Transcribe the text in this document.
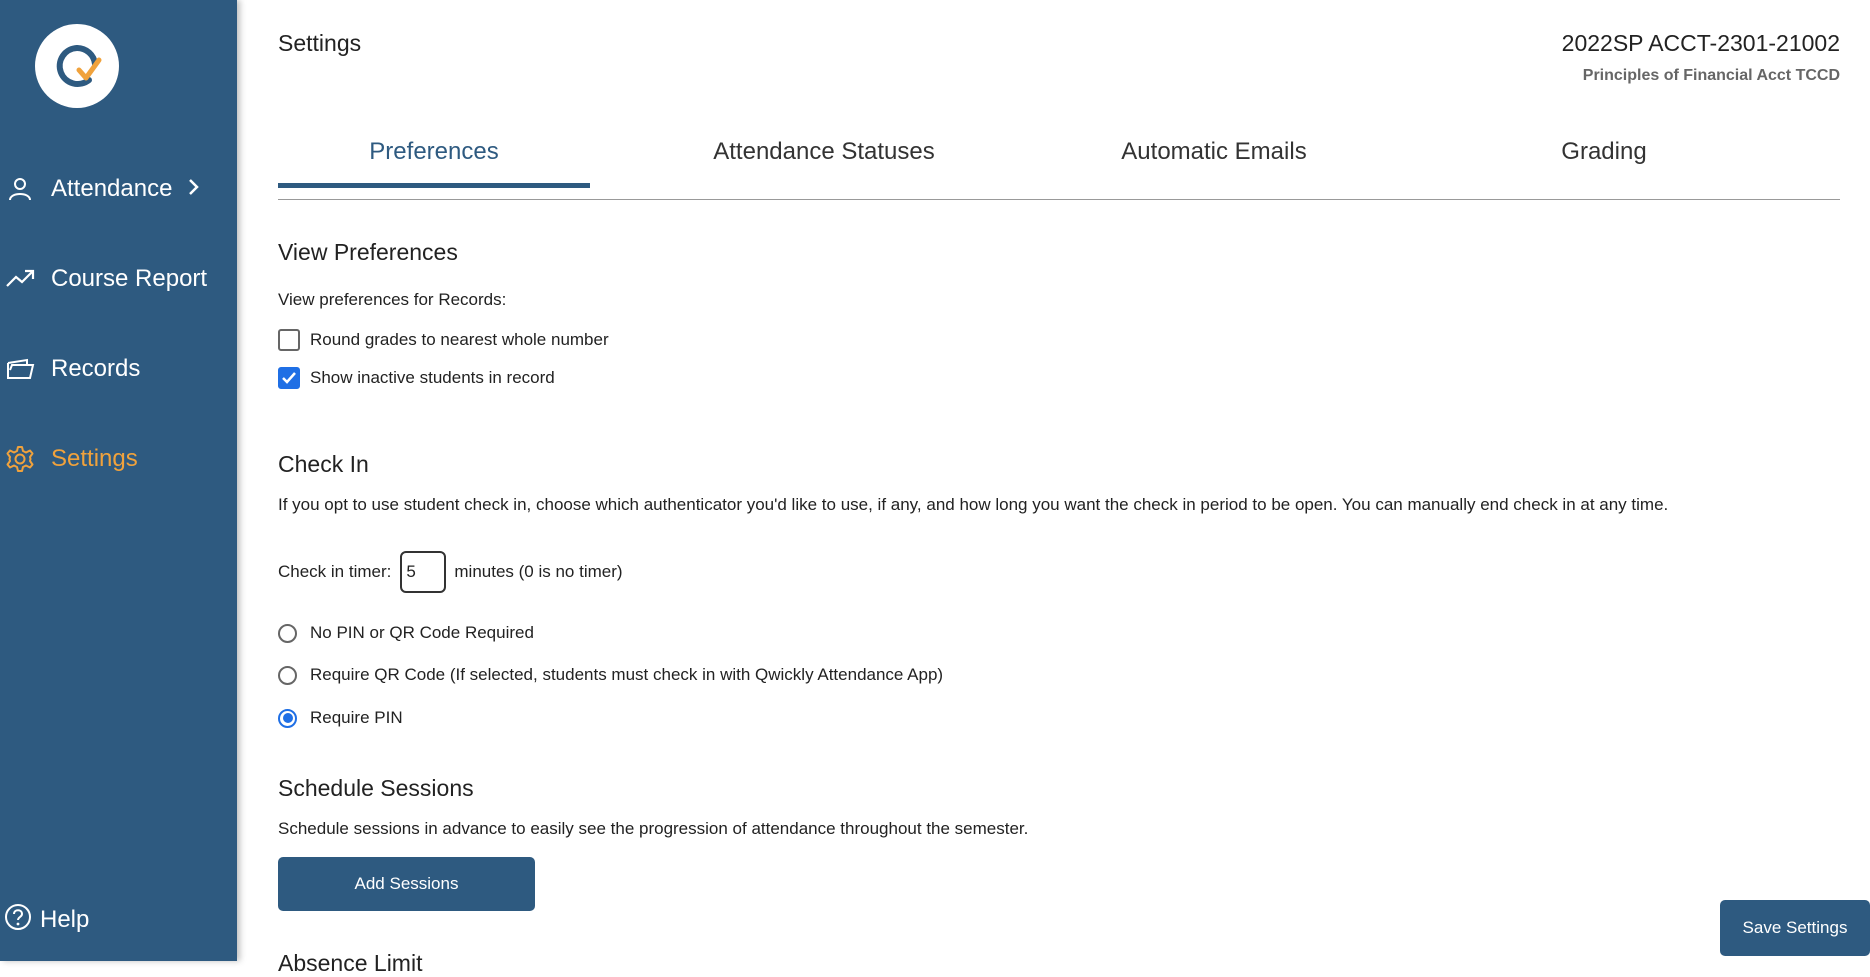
Attendance
Course Report
Records
Settings
Help
Settings	2022SP ACCT-2301-21002
Principles of Financial Acct TCCD
Preferences	Attendance Statuses	Automatic Emails	Grading
View Preferences
View preferences for Records:
Round grades to nearest whole number
Show inactive students in record
Check In
If you opt to use student check in, choose which authenticator you'd like to use, if any, and how long you want the check in period to be open. You can manually end check in at any time.
Check in timer:
5	minutes (0 is no timer)
No PIN or QR Code Required
Require QR Code (If selected, students must check in with Qwickly Attendance App)
Require PIN
Schedule Sessions
Schedule sessions in advance to easily see the progression of attendance throughout the semester.
Add Sessions
Absence Limit
Save Settings
